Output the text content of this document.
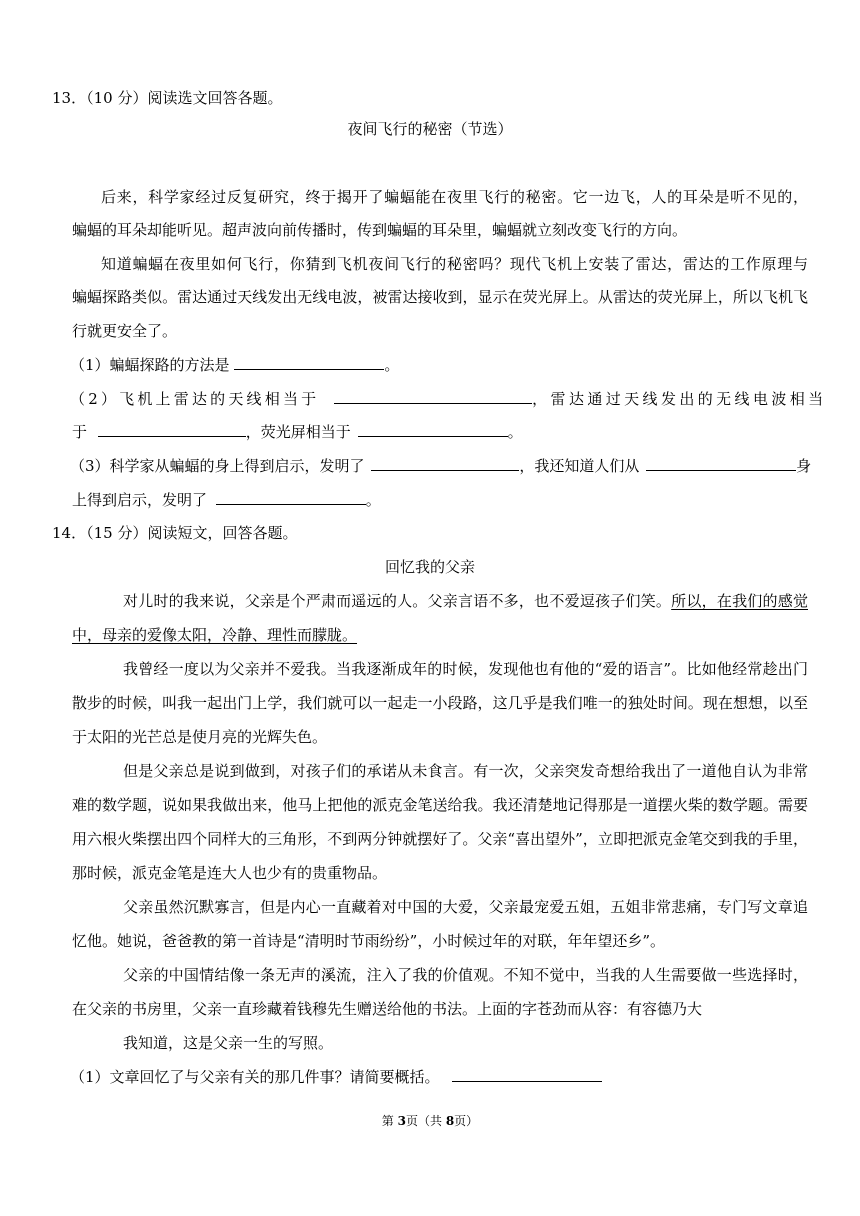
13．（10 分）阅读选文回答各题。
夜间飞行的秘密（节选）
后来，科学家经过反复研究，终于揭开了蝙蝠能在夜里飞行的秘密。它一边飞，人的耳朵是听不见的，
蝙蝠的耳朵却能听见。超声波向前传播时，传到蝙蝠的耳朵里，蝙蝠就立刻改变飞行的方向。
知道蝙蝠在夜里如何飞行，你猜到飞机夜间飞行的秘密吗？现代飞机上安装了雷达，雷达的工作原理与
蝙蝠探路类似。雷达通过天线发出无线电波，被雷达接收到，显示在荧光屏上。从雷达的荧光屏上，所以飞机飞
行就更安全了。
（1）蝙蝠探路的方法是	。
（2）飞机上雷达的天线相当于	，雷达通过天线发出的无线电波相当
于	，荧光屏相当于	。
（3）科学家从蝙蝠的身上得到启示，发明了	，我还知道人们从	身
上得到启示，发明了	。
14．（15 分）阅读短文，回答各题。
回忆我的父亲
对儿时的我来说，父亲是个严肃而遥远的人。父亲言语不多，也不爱逗孩子们笑。所以，在我们的感觉
中，母亲的爱像太阳，冷静、理性而朦胧。
我曾经一度以为父亲并不爱我。当我逐渐成年的时候，发现他也有他的“爱的语言”。比如他经常趁出门
散步的时候，叫我一起出门上学，我们就可以一起走一小段路，这几乎是我们唯一的独处时间。现在想想，以至
于太阳的光芒总是使月亮的光辉失色。
但是父亲总是说到做到，对孩子们的承诺从未食言。有一次，父亲突发奇想给我出了一道他自认为非常
难的数学题，说如果我做出来，他马上把他的派克金笔送给我。我还清楚地记得那是一道摆火柴的数学题。需要
用六根火柴摆出四个同样大的三角形，不到两分钟就摆好了。父亲“喜出望外”，立即把派克金笔交到我的手里，
那时候，派克金笔是连大人也少有的贵重物品。
父亲虽然沉默寡言，但是内心一直藏着对中国的大爱，父亲最宠爱五姐，五姐非常悲痛，专门写文章追
忆他。她说，爸爸教的第一首诗是“清明时节雨纷纷”，小时候过年的对联，年年望还乡”。
父亲的中国情结像一条无声的溪流，注入了我的价值观。不知不觉中，当我的人生需要做一些选择时，
在父亲的书房里，父亲一直珍藏着钱穆先生赠送给他的书法。上面的字苍劲而从容：有容德乃大
我知道，这是父亲一生的写照。
（1）文章回忆了与父亲有关的那几件事？请简要概括。
第 3页（共 8页）
